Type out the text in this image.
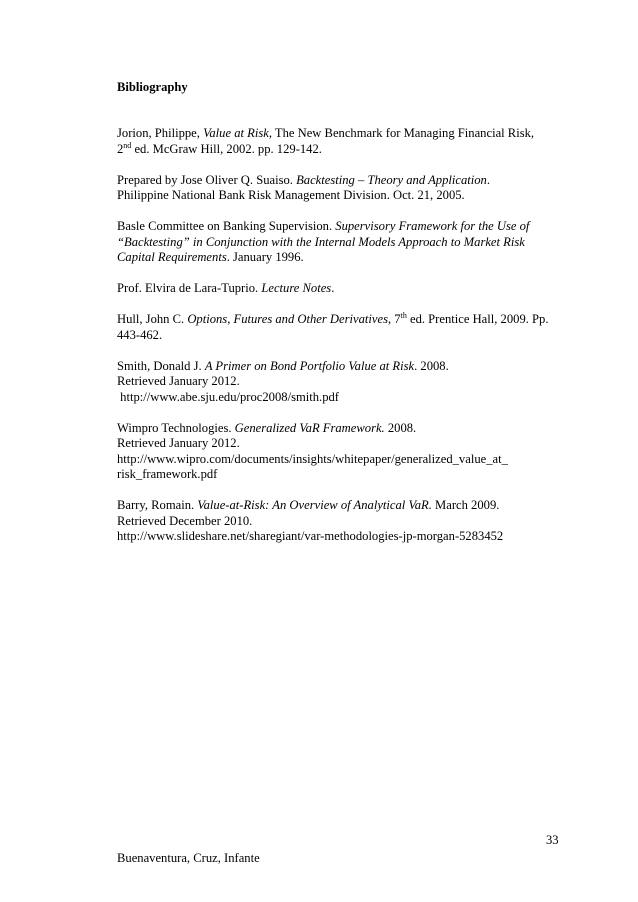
Bibliography
Jorion, Philippe, Value at Risk, The New Benchmark for Managing Financial Risk,
2nd ed. McGraw Hill, 2002. pp. 129-142.
Prepared by Jose Oliver Q. Suaiso. Backtesting – Theory and Application.
Philippine National Bank Risk Management Division. Oct. 21, 2005.
Basle Committee on Banking Supervision. Supervisory Framework for the Use of
“Backtesting” in Conjunction with the Internal Models Approach to Market Risk
Capital Requirements. January 1996.
Prof. Elvira de Lara-Tuprio. Lecture Notes.
Hull, John C. Options, Futures and Other Derivatives, 7th ed. Prentice Hall, 2009. Pp.
443-462.
Smith, Donald J. A Primer on Bond Portfolio Value at Risk. 2008.
Retrieved January 2012.
http://www.abe.sju.edu/proc2008/smith.pdf
Wimpro Technologies. Generalized VaR Framework. 2008.
Retrieved January 2012.
http://www.wipro.com/documents/insights/whitepaper/generalized_value_at_
risk_framework.pdf
Barry, Romain. Value-at-Risk: An Overview of Analytical VaR. March 2009.
Retrieved December 2010.
http://www.slideshare.net/sharegiant/var-methodologies-jp-morgan-5283452
33
Buenaventura, Cruz, Infante
